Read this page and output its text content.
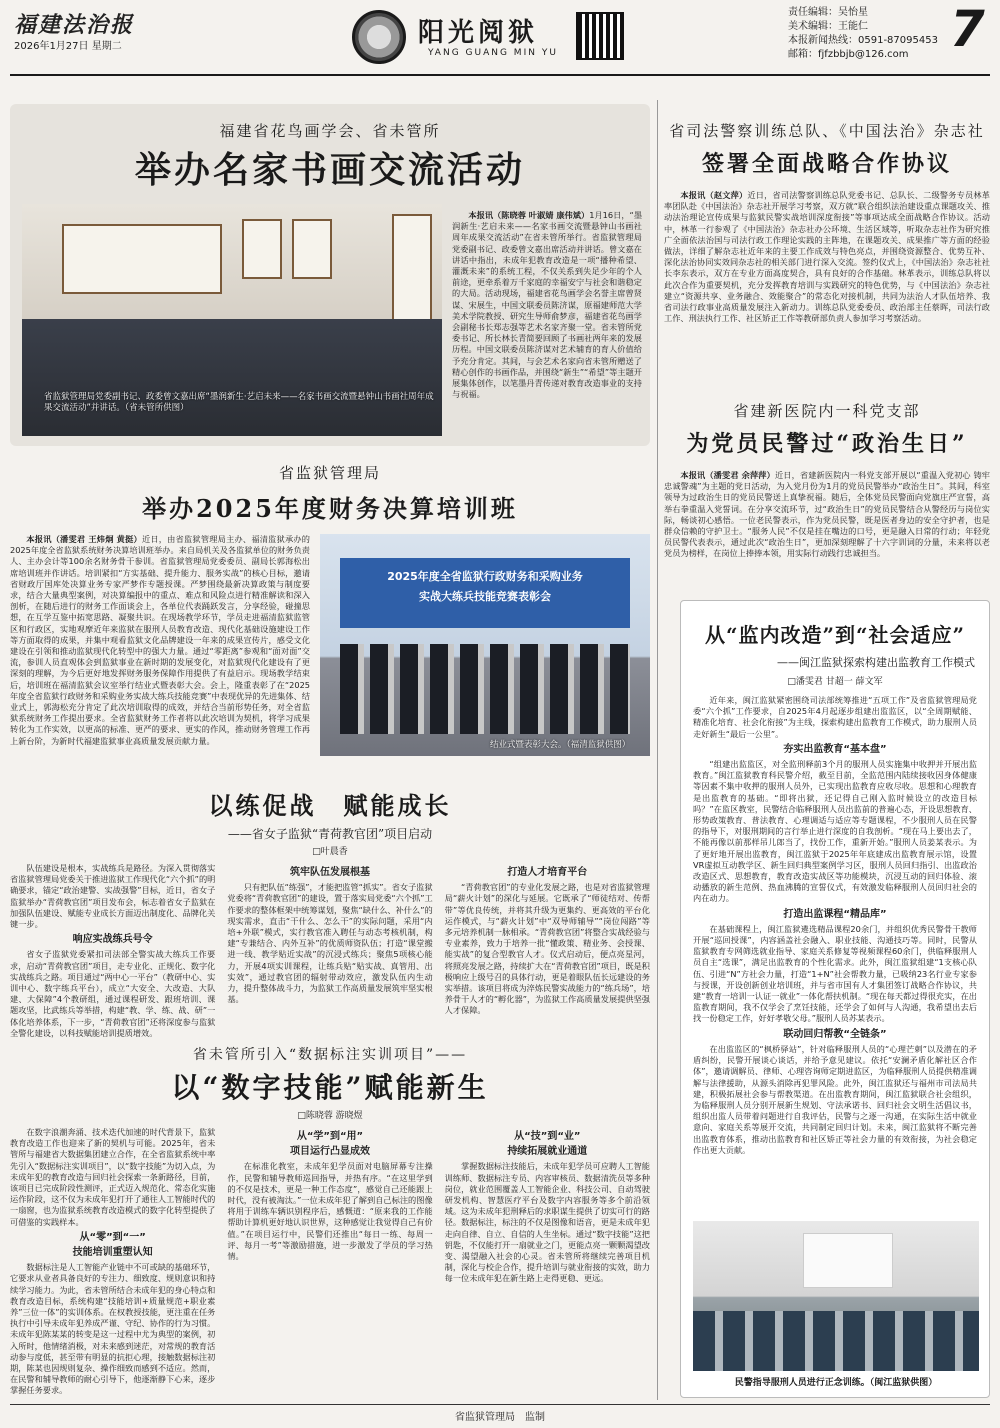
福建法治报
2026年1月27日 星期二	阳光阅狱
YANG GUANG MIN YU
责任编辑：吴怡星
美术编辑：王能仁
本报新闻热线：0591-87095453
邮箱：fjfzbbjb@126.com 7
福建省花鸟画学会、省未管所
举办名家书画交流活动
省监狱管理局党委副书记、政委曾文嘉出席“墨润新生·艺启未来——名家书画交流暨悬钟山书画社周年成果交流活动”并讲话。（省未管所供图）

本报讯（陈晓蓉 叶淑婧 康伟斌）1月16日，“墨润新生·艺启未来——名家书画交流暨悬钟山书画社周年成果交流活动”在省未管所举行。省监狱管理局党委副书记、政委曾文嘉出席活动并讲话。曾文嘉在讲话中指出，未成年犯教育改造是一项“播种希望、灌溉未来”的系统工程，不仅关系到失足少年的个人前途，更牵系着万千家庭的幸福安宁与社会和谐稳定的大局。活动现场，福建省花鸟画学会名誉主席曾贤谋、宋展生，中国文联委员陈济谋，原福建师范大学美术学院教授、研究生导师俞梦彦，福建省花鸟画学会副秘书长郑志强等艺术名家齐聚一堂。省未管所党委书记、所长林长青简要回顾了书画社两年来的发展历程。中国文联委员陈济谋对艺术辅育的育人价值给予充分肯定。其间，与会艺术名家向省未管所赠送了精心创作的书画作品，并围绕“新生”“希望”等主题开展集体创作，以笔墨丹青传递对教育改造事业的支持与祝福。

省司法警察训练总队、《中国法治》杂志社
签署全面战略合作协议

本报讯（赵文萍）近日，省司法警察训练总队党委书记、总队长、二级警务专员林革率团队赴《中国法治》杂志社开展学习考察，双方就“联合组织法治建设重点课题攻关、推动法治理论宣传成果与监狱民警实战培训深度衔接”等事项达成全面战略合作协议。活动中，林革一行参观了《中国法治》杂志社办公环境、生活区域等，听取杂志社作为研究推广全面依法治国与司法行政工作理论实践的主阵地，在课题攻关、成果推广等方面的经验做法，详细了解杂志社近年来的主要工作成效与特色亮点，并围绕资源整合、优势互补、深化法治协同实效同杂志社的相关部门进行深入交流。签约仪式上，《中国法治》杂志社社长李东表示，双方在专业方面高度契合，具有良好的合作基础。林革表示，训练总队将以此次合作为重要契机，充分发挥教育培训与实践研究的特色优势，与《中国法治》杂志社建立“资源共享、业务融合、效能聚合”的常态化对接机制，共同为法治人才队伍培养、我省司法行政事业高质量发展注入新动力。训练总队党委委员、政治部主任蔡晖，司法行政工作、刑法执行工作、社区矫正工作等教研部负责人参加学习考察活动。

省建新医院内一科党支部
为党员民警过“政治生日”

本报讯（潘雯君 余萍萍）近日，省建新医院内一科党支部开展以“重温入党初心 铸牢忠诚警魂”为主题的党日活动，为入党月份为1月的党员民警举办“政治生日”。其间，科室领导为过政治生日的党员民警送上真挚祝福。随后，全体党员民警面向党旗庄严宣誓，高举右拳重温入党誓词。在分享交流环节，过“政治生日”的党员民警结合从警经历与岗位实际，畅谈初心感悟。一位老民警表示，作为党员民警，既是医者身边的安全守护者，也是群众信赖的守护卫士。“服务人民”不仅是挂在嘴边的口号，更是融入日常的行动；年轻党员民警代表表示，通过此次“政治生日”，更加深刻理解了十六字训词的分量，未来将以老党员为榜样，在岗位上捧捧本领，用实际行动践行忠诚担当。

省监狱管理局
举办2025年度财务决算培训班

本报讯（潘雯君 王炜炯 黄挺）近日，由省监狱管理局主办、福清监狱承办的2025年度全省监狱系统财务决算培训班举办。来自局机关及各监狱单位的财务负责人、主办会计等100余名财务骨干参训。省监狱管理局党委委员、副局长郭海松出席培训班并作讲话。培训紧扣“方实基础、提升能力、服务实战”的核心目标，邀请省财政厅国库处决算业务专家严梦作专题授课。严梦围绕最新决算政策与制度要求，结合大量典型案例，对决算编报中的重点、难点和风险点进行精准解读和深入剖析，在随后进行的财务工作面谈会上，各单位代表踊跃发言，分享经验，碰撞思想，在互学互鉴中拓宽思路、凝聚共识。在现场教学环节，学员走进福清监狱监管区和行政区，实地观摩近年来监狱在服刑人员教育改造、现代化基础设施建设工作等方面取得的成果，并集中观看监狱文化品牌建设一年来的成果宣传片，感受文化建设在引领和推动监狱现代化转型中的强大力量。通过“零距离”参观和“面对面”交流，参训人员直观体会到监狱事业在新时期的发展变化，对监狱现代化建设有了更深刻的理解，为今后更好地发挥财务服务保障作用提供了有益启示。现场教学结束后，培训班在福清监狱会议室举行结业式暨表彰大会。会上，隆重表彰了在“2025年度全省监狱行政财务和采购业务实战大练兵技能竞赛”中表现优异的先进集体、结业式上，郭海松充分肯定了此次培训取得的成效，并结合当前形势任务，对全省监狱系统财务工作提出要求。全省监狱财务工作者将以此次培训为契机，将学习成果转化为工作实效，以更高的标准、更严的要求、更实的作风，推动财务管理工作再上新台阶，为新时代福建监狱事业高质量发展贡献力量。

2025年度全省监狱行政财务和采购业务
实战大练兵技能竞赛表彰会
结业式暨表彰大会。（福清监狱供图）
以练促战　赋能成长
——省女子监狱“青荷教官团”项目启动
□叶晨香

队伍建设是根本，实战练兵是路径。为深入贯彻落实省监狱管理局党委关于推进监狱工作现代化“六个抓”的明确要求，锚定“政治建警、实战强警”目标，近日，省女子监狱举办“青荷教官团”项目发布会，标志着省女子监狱在加强队伍建设、赋能专业成长方面迈出制度化、品牌化关键一步。

响应实战练兵号令

省女子监狱党委紧扣司法部全警实战大练兵工作要求，启动“青荷教官团”项目，走专业化、正规化、数字化实战练兵之路。项目通过“两中心一平台”（教研中心、实训中心、数字练兵平台），成立“大安全、大改造、大队建、大保障”4个教研组，通过课程研发、跟班培训、课题攻坚，比武练兵等举措，构建“教、学、练、战、研”一体化培养体系，下一步，“青荷教官团”还将深度参与监狱全警化建设，以科技赋能培训提质增效。

筑牢队伍发展根基

只有把队伍“练强”，才能把监管“抓实”。省女子监狱党委将“青荷教官团”的建设，置于落实局党委“六个抓”工作要求的整体框架中统筹谋划，聚焦“缺什么、补什么”的现实需求，直击“干什么、怎么干”的实际问题，采用“内培+外联”模式，实行教官准入聘任与动态考核机制，构建“专兼结合、内外互补”的优质师资队伍；打造“课堂搬进一线、教学贴近实战”的沉浸式练兵；聚焦5项核心能力，开展4项实训课程，让练兵贴“贴实战、真管用、出实效”，通过教官团的辐射带动效应，激发队伍内生动力，提升整体战斗力，为监狱工作高质量发展筑牢坚实根基。

打造人才培育平台

“青荷教官团”的专业化发展之路，也是对省监狱管理局“薪火计划”的深化与延展。它既承了“师徒结对、传帮带”等优良传统，并将其升级为更集约、更高效的平台化运作模式，与“薪火计划”中“双导师辅导”“岗位闯路”等多元培养机制一脉相承。“青荷教官团”将整合实战经验与专业素养，致力于培养一批“懂政策、精业务、会授课、能实战”的复合型教官人才。仪式启动后，便点亮星河，将照亮发展之路，持续扩大在“青荷教官团”项目，既是积极响应上级号召的具体行动，更是着眼队伍长远建设的务实举措。该项目将成为淬炼民警实战能力的“练兵场”，培养骨干人才的“孵化器”，为监狱工作高质量发展提供坚强人才保障。

省未管所引入“数据标注实训项目”——
以“数字技能”赋能新生
□陈晓蓉 游晓煜

在数字浪潮奔涌、技术迭代加速的时代背景下，监狱教育改造工作也迎来了新的契机与可能。2025年，省未管所与福建省大数据集团建立合作，在全省监狱系统中率先引入“数据标注实训项目”，以“数字技能”为切入点，为未成年犯的教育改造与回归社会探索一条新路径，目前，该项目已完成阶段性测评，正式迈入规范化、常态化实施运作阶段，这不仅为未成年犯打开了通往人工智能时代的一扇窗，也为监狱系统教育改造模式的数字化转型提供了可借鉴的实践样本。

从“零”到“一”
技能培训重塑认知

数据标注是人工智能产业链中不可或缺的基础环节，它要求从业者具备良好的专注力、细致度、规则意识和持续学习能力。为此，省未管所结合未成年犯的身心特点和教育改造目标，系统构建“技能培训+质量规范+职业素养”三位一体”的实训体系。在权教授技能，更注重在任务执行中引导未成年犯养成严谨、守纪、协作的行为习惯。未成年犯陈某某的转变是这一过程中尤为典型的案例，初入所时，他情绪消极，对未来感到迷茫，对常规的教育活动参与度低，甚至带有明显的抗拒心理，接触数据标注初期，陈某也因规则复杂、操作细致而感到不适应。然而，在民警和辅导教师的耐心引导下，他逐渐静下心来，逐步掌握任务要求。

从“学”到“用”
项目运行凸显成效

在标准化教室，未成年犯学员面对电脑屏幕专注操作，民警和辅导教师巡回指导，并热有序。“在这里学到的不仅是技术，更是一种工作态度”，感觉自己还能跟上时代，没有被淘汰。”一位未成年犯了解到自己标注的图像将用于训练车辆识别程序后，感慨道：“原来我的工作能帮助计算机更好地认识世界，这种感觉让我觉得自己有价值。”在项目运行中，民警们还推出“每日一练、每周一评、每月一考”等激励措施，进一步激发了学员的学习热情。

从“技”到“业”
持续拓展就业通道

掌握数据标注技能后，未成年犯学员可应聘人工智能训练师、数据标注专员、内容审核员、数据清洗员等多种岗位，就业范围覆盖人工智能企业、科技公司、自动驾驶研发机构、智慧医疗平台及数字内容服务等多个前沿领域。这为未成年犯刑释后的求职谋生提供了切实可行的路径。数据标注，标注的不仅是图像和语音，更是未成年犯走向自律、自立、自信的人生坐标。通过“数字技能”这把钥匙，不仅能打开一扇就业之门，更能点亮一颗颗渴望改变、渴望融入社会的心灵。省未管所将继续完善项目机制，深化与校企合作，提升培训与就业衔接的实效，助力每一位未成年犯在新生路上走得更稳、更远。

从“监内改造”到“社会适应”
——闽江监狱探索构建出监教育工作模式
□潘雯君 甘超一 薛文军

近年来，闽江监狱紧密围绕司法部统筹推进“五项工作”及省监狱管理局党委“六个抓”工作要求，自2025年4月起逐步组建出监监区，以“全周期赋能、精准化培育、社会化衔接”为主线，探索构建出监教育工作模式，助力服刑人员走好新生“最后一公里”。

夯实出监教育“基本盘”

“组建出监监区，对全监刑释前3个月的服刑人员实施集中收押并开展出监教育。”闽江监狱教育科民警介绍，截至目前，全监范围内陆续接收因身体健康等因素不集中收押的服刑人员外，已实现出监教育应收尽收。思想和心理教育是出监教育的基础。“即将出狱，还记得自己刚入监时候设立的改造目标吗？”在监区教室，民警结合临释服刑人员出监前的普遍心态，开设思想教育、形势政策教育、普法教育、心理调适与适应等专题课程，不少服刑人员在民警的指导下，对服刑期间的言行举止进行深度的自我剖析。“现在马上要出去了，不能再像以前那样吊儿郎当了，找份工作，重新开始。”服刑人员姜某表示。为了更好地开展出监教育，闽江监狱于2025年年底建成出监教育展示馆，设置VR虚拟互动教学区、新生回归典型案例学习区，服刑人员回归指引、出监政治改造区式、思想教育，教育改造实战区等功能模块，沉浸互动的回归体验、滚动播放的新生范例、热血沸腾的宣誓仪式，有效激发临释服刑人员回归社会的内在动力。

打造出监课程“精品库”

在基础课程上，闽江监狱遴选精品课程20余门，并组织优秀民警骨干教师开展“巡回授课”，内容涵盖社会融入、职业技能、沟通技巧等。同时，民警从监狱教育专网筛选就业指导、家庭关系修复等视频课程60余门，供临释服刑人员自主“选课”，满足出监教育的个性化需求。此外，闽江监狱组建“1支核心队伍、引进“N”方社会力量，打造“1+N”社会帮教力量，已吸纳23名行业专家参与授课，开设创新创业培训班，并与省市国有人才集团签订战略合作协议，共建“教育一培训一认证一就业”一体化帮扶机制。“现在每天都过得很充实，在出监教育期间，我不仅学会了烹饪技能，还学会了如何与人沟通，我希望出去后找一份稳定工作，好好孝敬父母。”服刑人员苏某表示。

联动回归帮教“全链条”

在出监监区的“枫桥驿站”，针对临释服刑人员的“心理芒刺”以及潜在的矛盾纠纷，民警开展谈心谈话，并给予意见建议。依托“安澜矛盾化解社区合作体”，邀请调解员、律师、心理咨询师定期进监区，为临释服刑人员提供精准调解与法律援助，从源头消除再犯罪风险。此外，闽江监狱还与福州市司法局共建，积极拓展社会参与帮教渠道。在出监教育期间，闽江监狱联合社会组织，为临释服刑人员分别开展新生规划、守法承诺书、回归社会文明生活倡议书，组织出监人员带着问题进行自我评估，民警与之逐一沟通，在实际生活中就业意向、家庭关系等展开交流，共同制定回归计划。未来，闽江监狱将不断完善出监教育体系，推动出监教育和社区矫正等社会力量的有效衔接，为社会稳定作出更大贡献。

民警指导服刑人员进行正念训练。（闽江监狱供图）
省监狱管理局　监制
